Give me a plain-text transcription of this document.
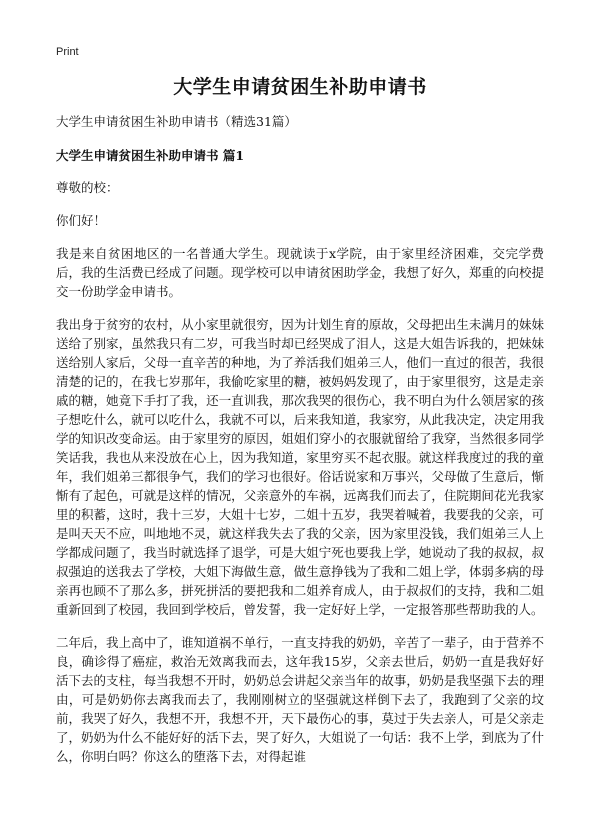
Print
大学生申请贫困生补助申请书
大学生申请贫困生补助申请书（精选31篇）
大学生申请贫困生补助申请书 篇1
尊敬的校：
你们好！
我是来自贫困地区的一名普通大学生。现就读于x学院，由于家里经济困难，交完学费后，我的生活费已经成了问题。现学校可以申请贫困助学金，我想了好久，郑重的向校提交一份助学金申请书。
我出身于贫穷的农村，从小家里就很穷，因为计划生育的原故，父母把出生未满月的妹妹送给了别家，虽然我只有二岁，可我当时却已经哭成了泪人，这是大姐告诉我的，把妹妹送给别人家后，父母一直辛苦的种地，为了养活我们姐弟三人，他们一直过的很苦，我很清楚的记的，在我七岁那年，我偷吃家里的糖，被妈妈发现了，由于家里很穷，这是走亲戚的糖，她竟下手打了我，还一直训我，那次我哭的很伤心，我不明白为什么领居家的孩子想吃什么，就可以吃什么，我就不可以，后来我知道，我家穷，从此我决定，决定用我学的知识改变命运。由于家里穷的原因，姐姐们穿小的衣服就留给了我穿，当然很多同学笑话我，我也从来没放在心上，因为我知道，家里穷买不起衣服。就这样我度过的我的童年，我们姐弟三都很争气，我们的学习也很好。俗话说家和万事兴，父母做了生意后，惭惭有了起色，可就是这样的情况，父亲意外的车祸，远离我们而去了，住院期间花光我家里的积蓄，这时，我十三岁，大姐十七岁，二姐十五岁，我哭着喊着，我要我的父亲，可是叫天天不应，叫地地不灵，就这样我失去了我的父亲，因为家里没钱，我们姐弟三人上学都成问题了，我当时就选择了退学，可是大姐宁死也要我上学，她说动了我的叔叔，叔叔强迫的送我去了学校，大姐下海做生意，做生意挣钱为了我和二姐上学，体弱多病的母亲再也顾不了那么多，拼死拼活的要把我和二姐养育成人，由于叔叔们的支持，我和二姐重新回到了校园，我回到学校后，曾发誓，我一定好好上学，一定报答那些帮助我的人。
二年后，我上高中了，谁知道祸不单行，一直支持我的奶奶，辛苦了一辈子，由于营养不良，确诊得了癌症，救治无效离我而去，这年我15岁，父亲去世后，奶奶一直是我好好活下去的支柱，每当我想不开时，奶奶总会讲起父亲当年的故事，奶奶是我坚强下去的理由，可是奶奶你去离我而去了，我刚刚树立的坚强就这样倒下去了，我跑到了父亲的坟前，我哭了好久，我想不开，我想不开，天下最伤心的事，莫过于失去亲人，可是父亲走了，奶奶为什么不能好好的活下去，哭了好久，大姐说了一句话：我不上学，到底为了什么，你明白吗？你这么的堕落下去，对得起谁
